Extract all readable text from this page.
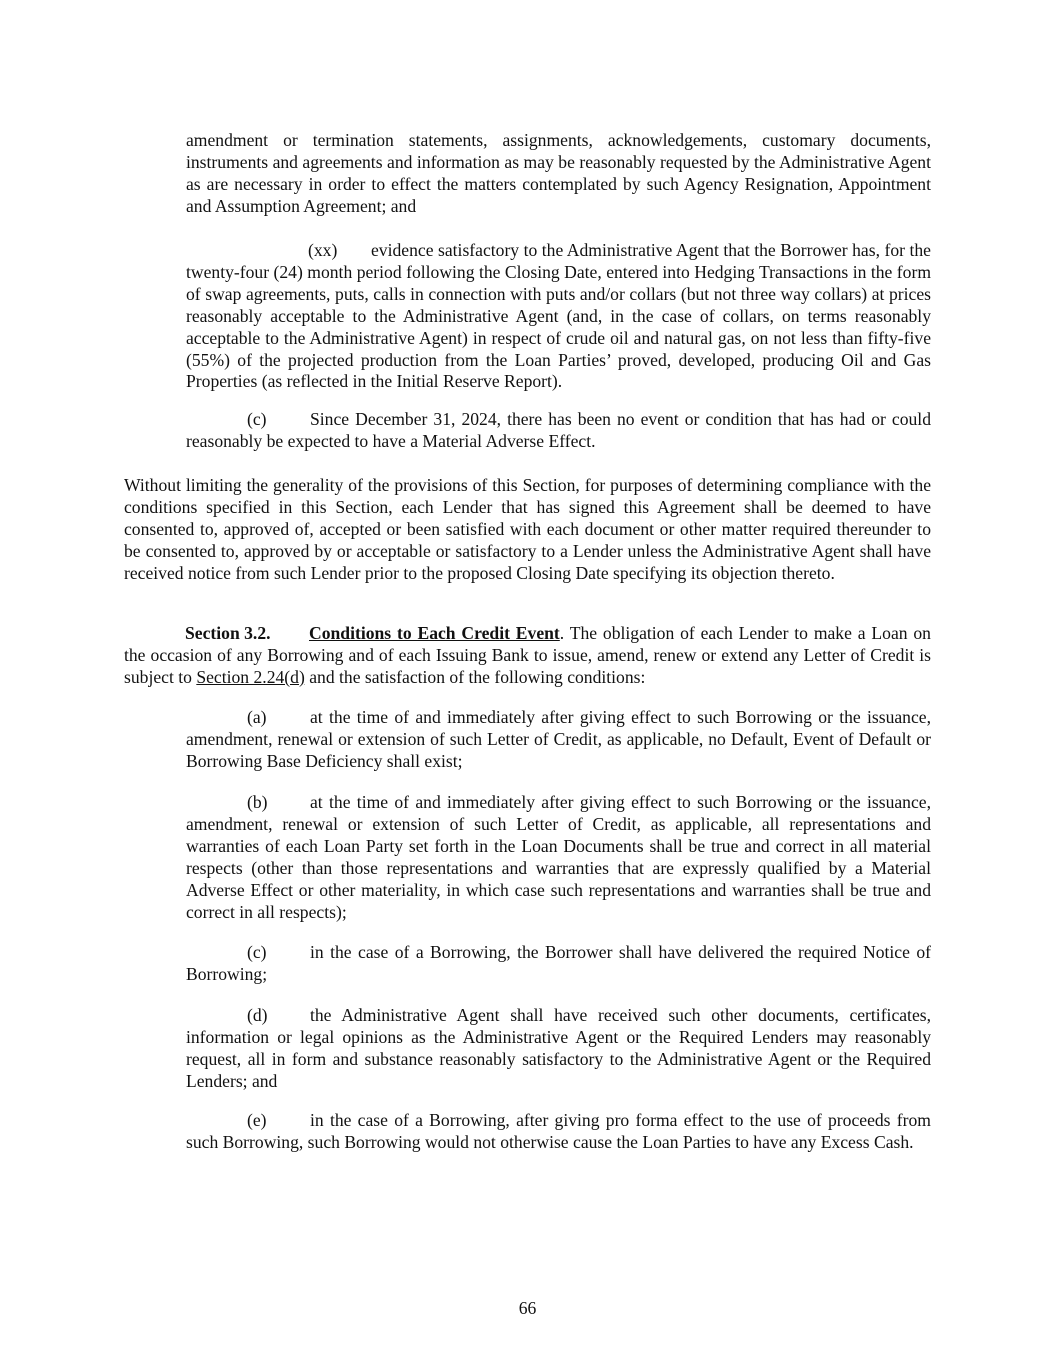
amendment or termination statements, assignments, acknowledgements, customary documents, instruments and agreements and information as may be reasonably requested by the Administrative Agent as are necessary in order to effect the matters contemplated by such Agency Resignation, Appointment and Assumption Agreement; and

(xx) evidence satisfactory to the Administrative Agent that the Borrower has, for the twenty-four (24) month period following the Closing Date, entered into Hedging Transactions in the form of swap agreements, puts, calls in connection with puts and/or collars (but not three way collars) at prices reasonably acceptable to the Administrative Agent (and, in the case of collars, on terms reasonably acceptable to the Administrative Agent) in respect of crude oil and natural gas, on not less than fifty-five (55%) of the projected production from the Loan Parties’ proved, developed, producing Oil and Gas Properties (as reflected in the Initial Reserve Report).

(c) Since December 31, 2024, there has been no event or condition that has had or could reasonably be expected to have a Material Adverse Effect.

Without limiting the generality of the provisions of this Section, for purposes of determining compliance with the conditions specified in this Section, each Lender that has signed this Agreement shall be deemed to have consented to, approved of, accepted or been satisfied with each document or other matter required thereunder to be consented to, approved by or acceptable or satisfactory to a Lender unless the Administrative Agent shall have received notice from such Lender prior to the proposed Closing Date specifying its objection thereto.

Section 3.2. Conditions to Each Credit Event. The obligation of each Lender to make a Loan on the occasion of any Borrowing and of each Issuing Bank to issue, amend, renew or extend any Letter of Credit is subject to Section 2.24(d) and the satisfaction of the following conditions:

(a) at the time of and immediately after giving effect to such Borrowing or the issuance, amendment, renewal or extension of such Letter of Credit, as applicable, no Default, Event of Default or Borrowing Base Deficiency shall exist;

(b) at the time of and immediately after giving effect to such Borrowing or the issuance, amendment, renewal or extension of such Letter of Credit, as applicable, all representations and warranties of each Loan Party set forth in the Loan Documents shall be true and correct in all material respects (other than those representations and warranties that are expressly qualified by a Material Adverse Effect or other materiality, in which case such representations and warranties shall be true and correct in all respects);

(c) in the case of a Borrowing, the Borrower shall have delivered the required Notice of Borrowing;

(d) the Administrative Agent shall have received such other documents, certificates, information or legal opinions as the Administrative Agent or the Required Lenders may reasonably request, all in form and substance reasonably satisfactory to the Administrative Agent or the Required Lenders; and

(e) in the case of a Borrowing, after giving pro forma effect to the use of proceeds from such Borrowing, such Borrowing would not otherwise cause the Loan Parties to have any Excess Cash.

66
